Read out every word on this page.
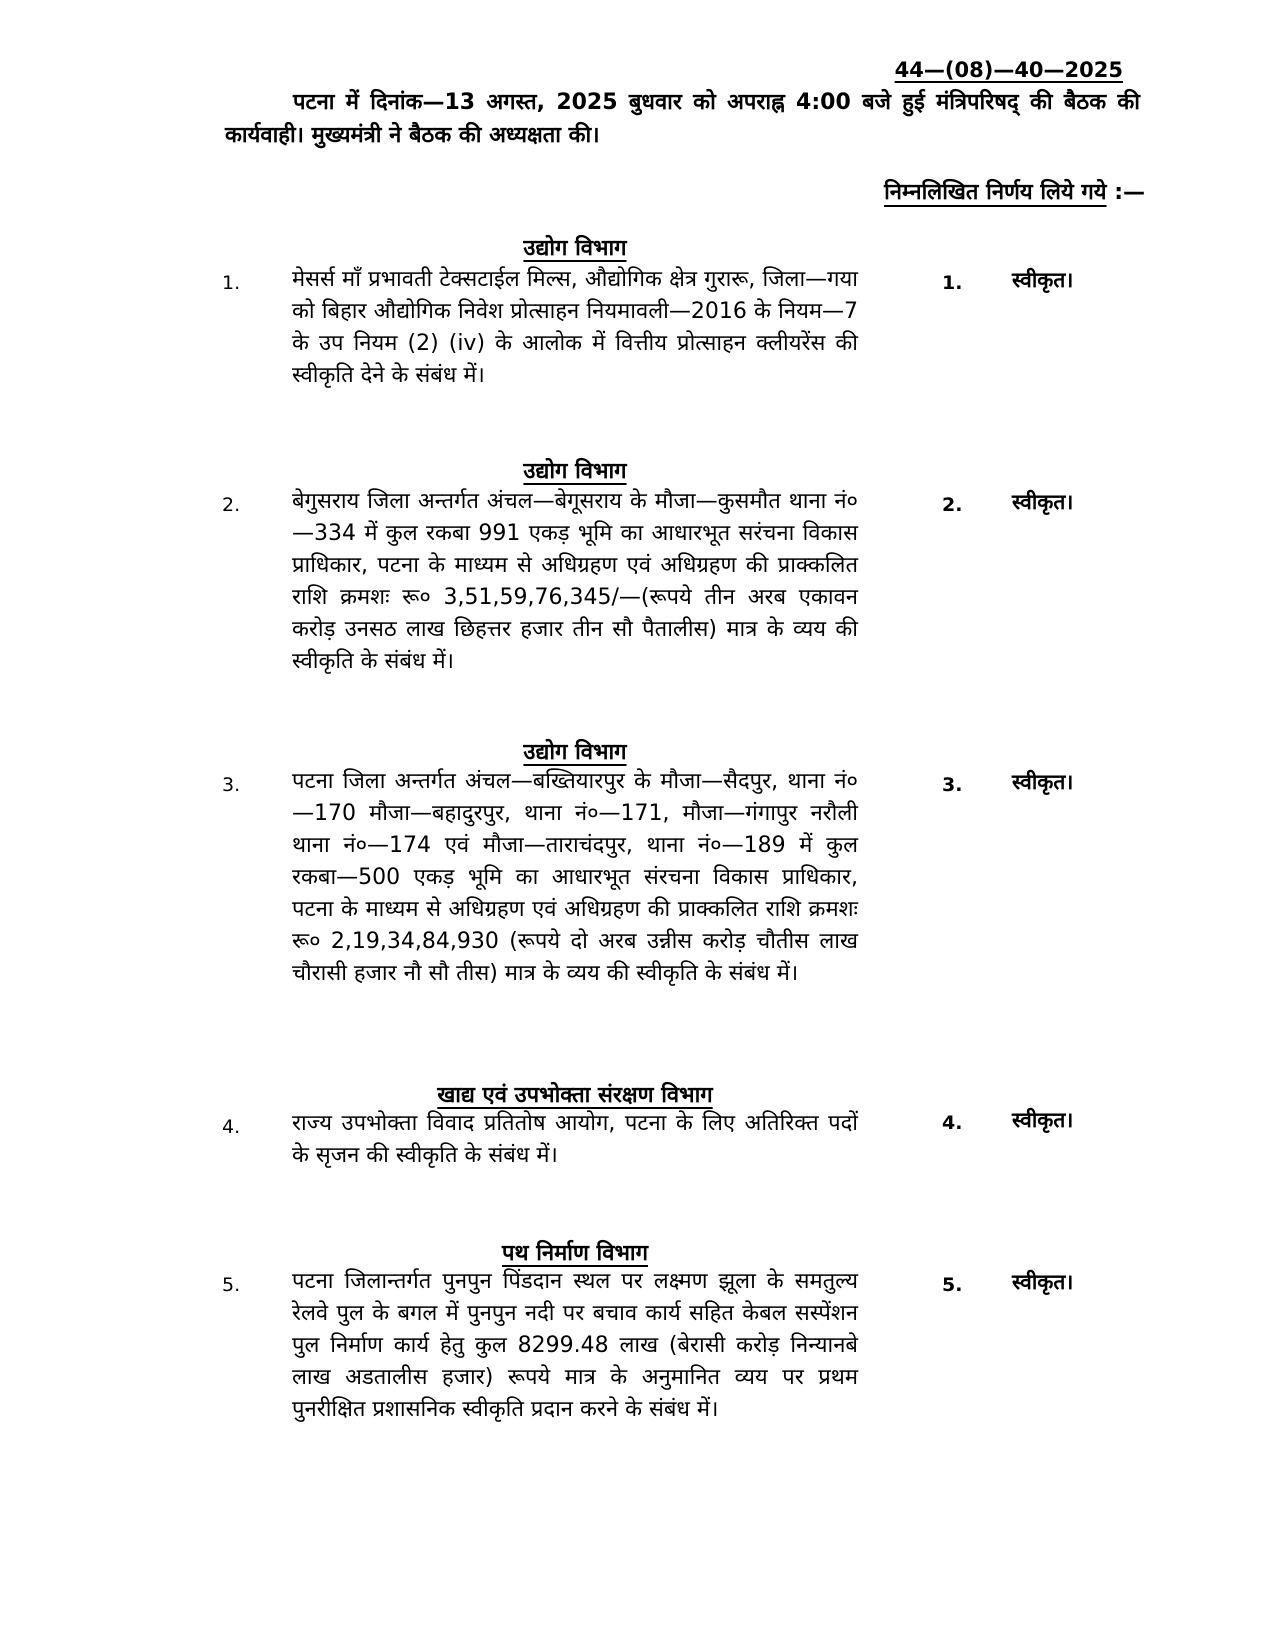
44—(08)—40—2025
पटना में दिनांक—13 अगस्त, 2025 बुधवार को अपराह्न 4:00 बजे हुई मंत्रिपरिषद् की बैठक की कार्यवाही। मुख्यमंत्री ने बैठक की अध्यक्षता की।
निम्नलिखित निर्णय लिये गये :—
उद्योग विभाग
1. मेसर्स माँ प्रभावती टेक्सटाईल मिल्स, औद्योगिक क्षेत्र गुरारू, जिला—गया को बिहार औद्योगिक निवेश प्रोत्साहन नियमावली—2016 के नियम—7 के उप नियम (2) (iv) के आलोक में वित्तीय प्रोत्साहन क्लीयरेंस की स्वीकृति देने के संबंध में।
1. स्वीकृत।
उद्योग विभाग
2. बेगुसराय जिला अन्तर्गत अंचल—बेगूसराय के मौजा—कुसमौत थाना नं०—334 में कुल रकबा 991 एकड़ भूमि का आधारभूत सरंचना विकास प्राधिकार, पटना के माध्यम से अधिग्रहण एवं अधिग्रहण की प्राक्कलित राशि क्रमशः रू० 3,51,59,76,345/—(रूपये तीन अरब एकावन करोड़ उनसठ लाख छिहत्तर हजार तीन सौ पैतालीस) मात्र के व्यय की स्वीकृति के संबंध में।
2. स्वीकृत।
उद्योग विभाग
3. पटना जिला अन्तर्गत अंचल—बख्तियारपुर के मौजा—सैदपुर, थाना नं०—170 मौजा—बहादुरपुर, थाना नं०—171, मौजा—गंगापुर नरौली थाना नं०—174 एवं मौजा—ताराचंदपुर, थाना नं०—189 में कुल रकबा—500 एकड़ भूमि का आधारभूत संरचना विकास प्राधिकार, पटना के माध्यम से अधिग्रहण एवं अधिग्रहण की प्राक्कलित राशि क्रमशः रू० 2,19,34,84,930 (रूपये दो अरब उन्नीस करोड़ चौतीस लाख चौरासी हजार नौ सौ तीस) मात्र के व्यय की स्वीकृति के संबंध में।
3. स्वीकृत।
खाद्य एवं उपभोक्ता संरक्षण विभाग
4. राज्य उपभोक्ता विवाद प्रतितोष आयोग, पटना के लिए अतिरिक्त पदों के सृजन की स्वीकृति के संबंध में।
4. स्वीकृत।
पथ निर्माण विभाग
5. पटना जिलान्तर्गत पुनपुन पिंडदान स्थल पर लक्ष्मण झूला के समतुल्य रेलवे पुल के बगल में पुनपुन नदी पर बचाव कार्य सहित केबल सस्पेंशन पुल निर्माण कार्य हेतु कुल 8299.48 लाख (बेरासी करोड़ निन्यानबे लाख अडतालीस हजार) रूपये मात्र के अनुमानित व्यय पर प्रथम पुनरीक्षित प्रशासनिक स्वीकृति प्रदान करने के संबंध में।
5. स्वीकृत।
